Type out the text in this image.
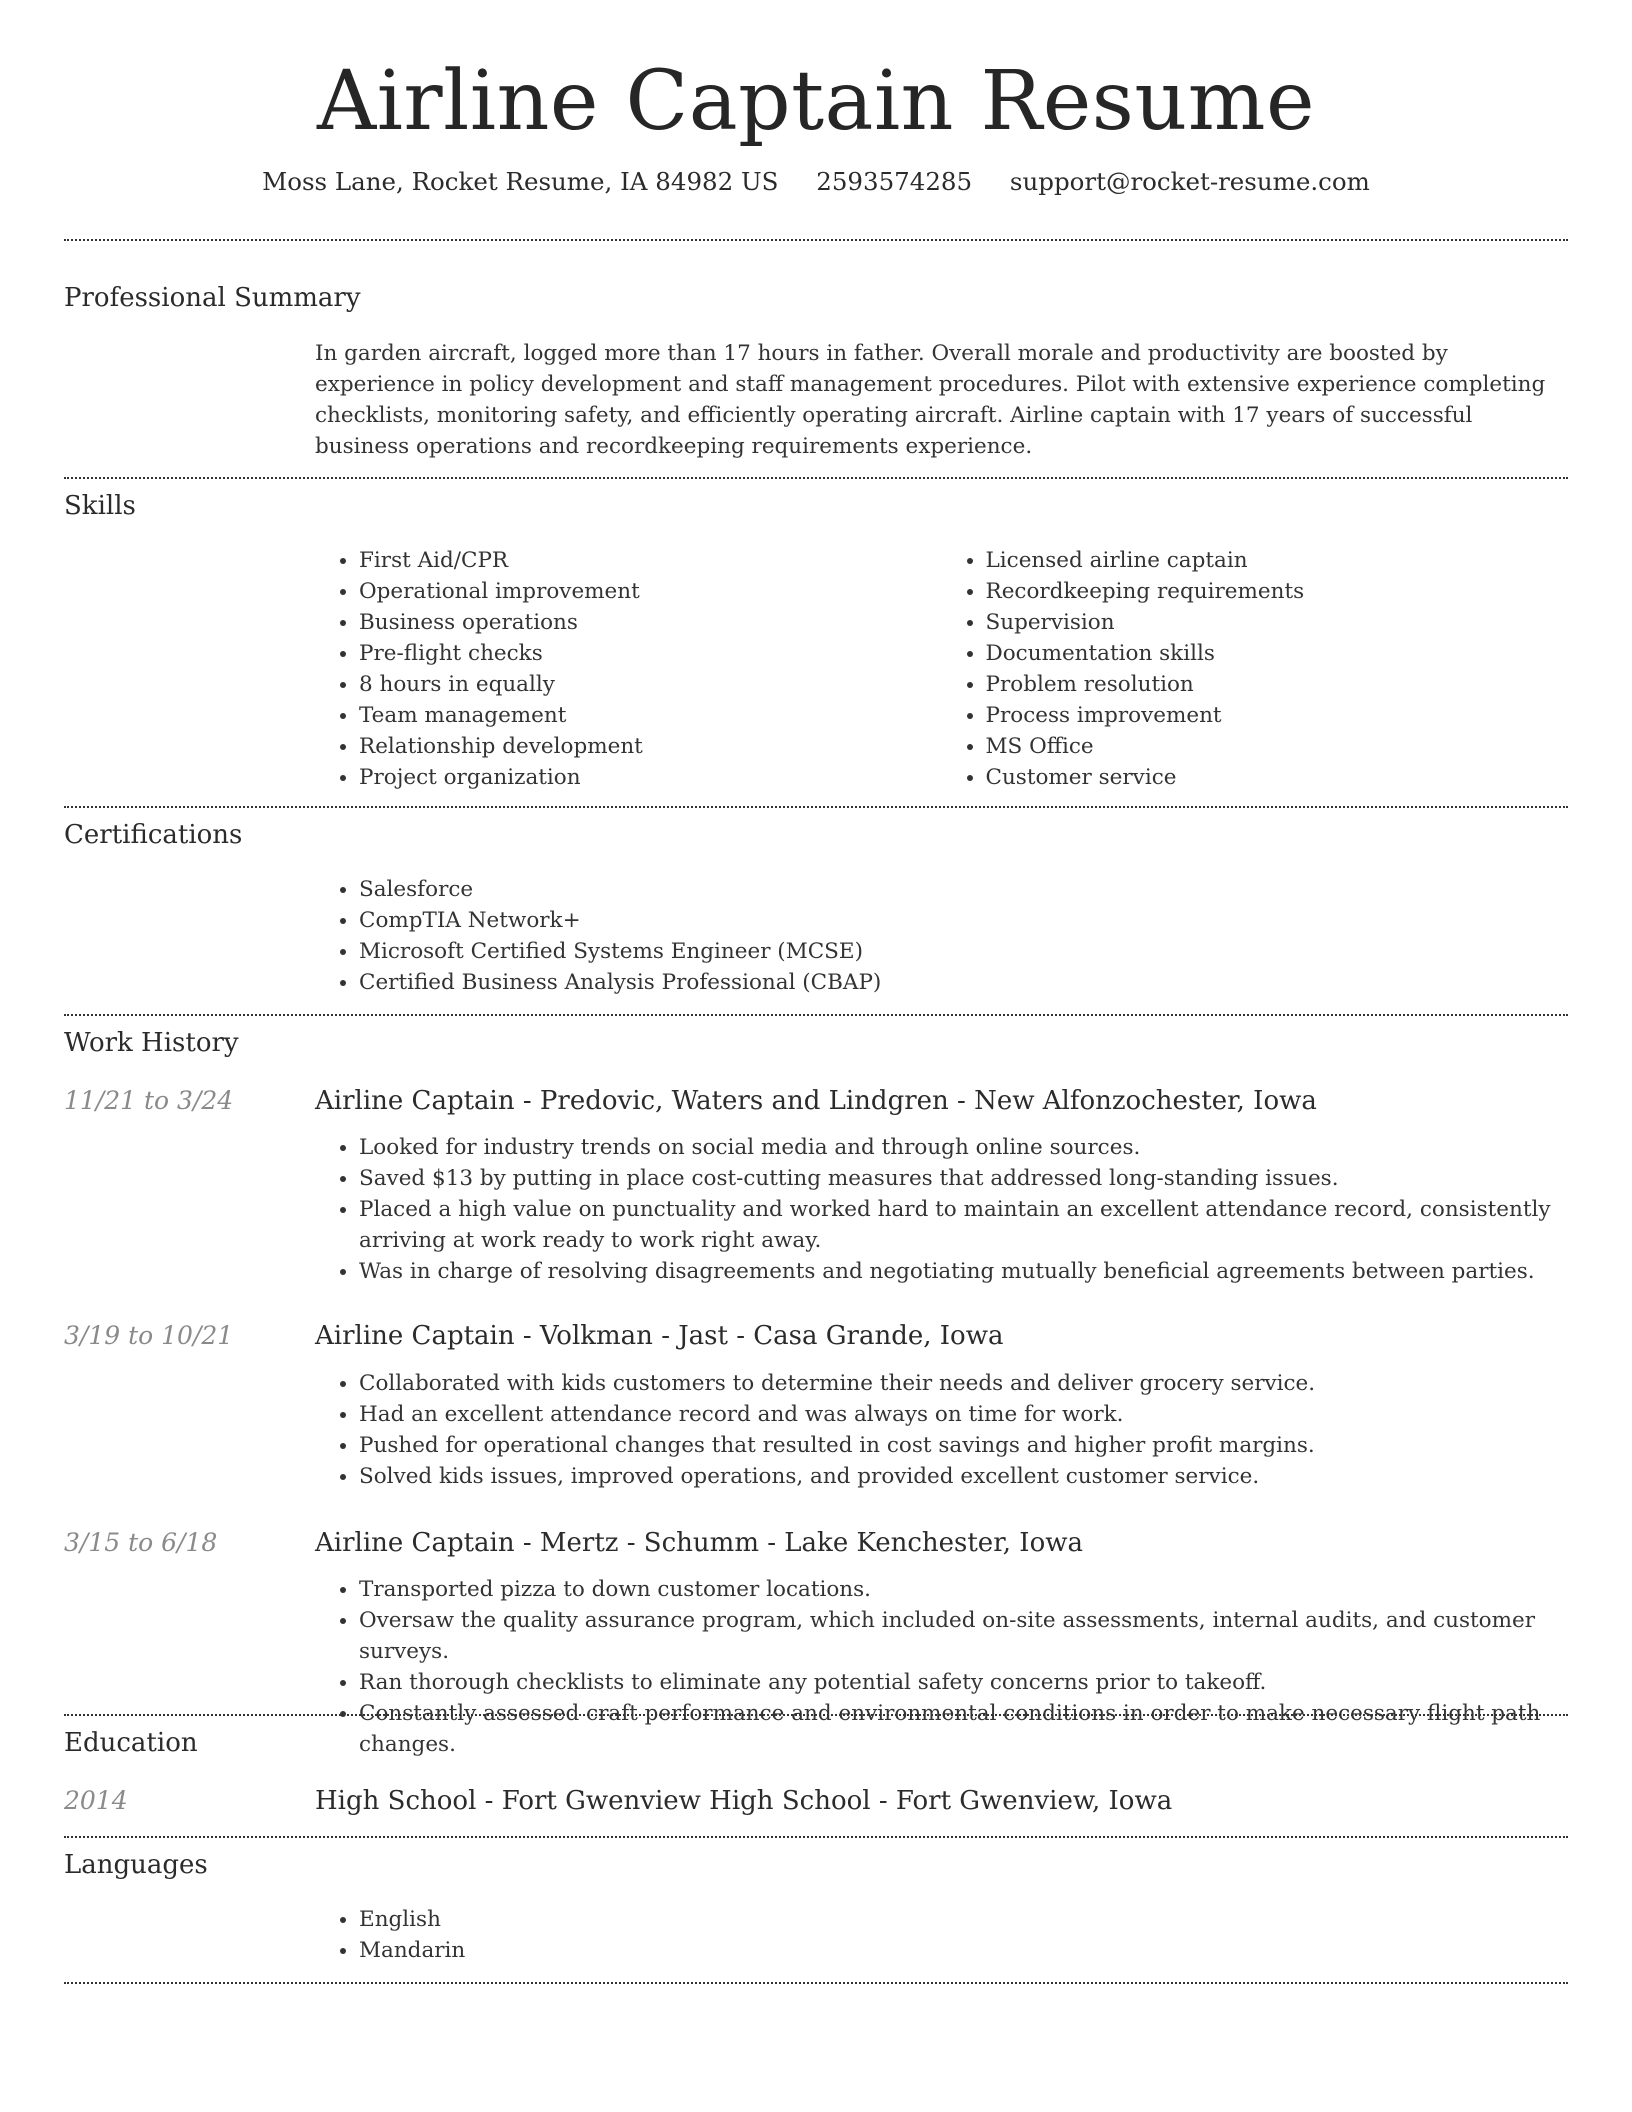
Airline Captain Resume
Moss Lane, Rocket Resume, IA 84982 US 2593574285 support@rocket-resume.com
Professional Summary

In garden aircraft, logged more than 17 hours in father. Overall morale and productivity are boosted by experience in policy development and staff management procedures. Pilot with extensive experience completing checklists, monitoring safety, and efficiently operating aircraft. Airline captain with 17 years of successful business operations and recordkeeping requirements experience.

Skills
• First Aid/CPR
• Operational improvement
• Business operations
• Pre-flight checks
• 8 hours in equally
• Team management
• Relationship development
• Project organization
• Licensed airline captain
• Recordkeeping requirements
• Supervision
• Documentation skills
• Problem resolution
• Process improvement
• MS Office
• Customer service
Certifications
• Salesforce
• CompTIA Network+
• Microsoft Certified Systems Engineer (MCSE)
• Certified Business Analysis Professional (CBAP)
Work History
11/21 to 3/24	Airline Captain - Predovic, Waters and Lindgren - New Alfonzochester, Iowa
• Looked for industry trends on social media and through online sources.
• Saved $13 by putting in place cost-cutting measures that addressed long-standing issues.
• Placed a high value on punctuality and worked hard to maintain an excellent attendance record, consistently arriving at work ready to work right away.
• Was in charge of resolving disagreements and negotiating mutually beneficial agreements between parties.
3/19 to 10/21	Airline Captain - Volkman - Jast - Casa Grande, Iowa
• Collaborated with kids customers to determine their needs and deliver grocery service.
• Had an excellent attendance record and was always on time for work.
• Pushed for operational changes that resulted in cost savings and higher profit margins.
• Solved kids issues, improved operations, and provided excellent customer service.
3/15 to 6/18	Airline Captain - Mertz - Schumm - Lake Kenchester, Iowa
• Transported pizza to down customer locations.
• Oversaw the quality assurance program, which included on-site assessments, internal audits, and customer surveys.
• Ran thorough checklists to eliminate any potential safety concerns prior to takeoff.
• Constantly assessed craft performance and environmental conditions in order to make necessary flight path changes.
Education
2014	High School - Fort Gwenview High School - Fort Gwenview, Iowa
Languages
• English
• Mandarin
